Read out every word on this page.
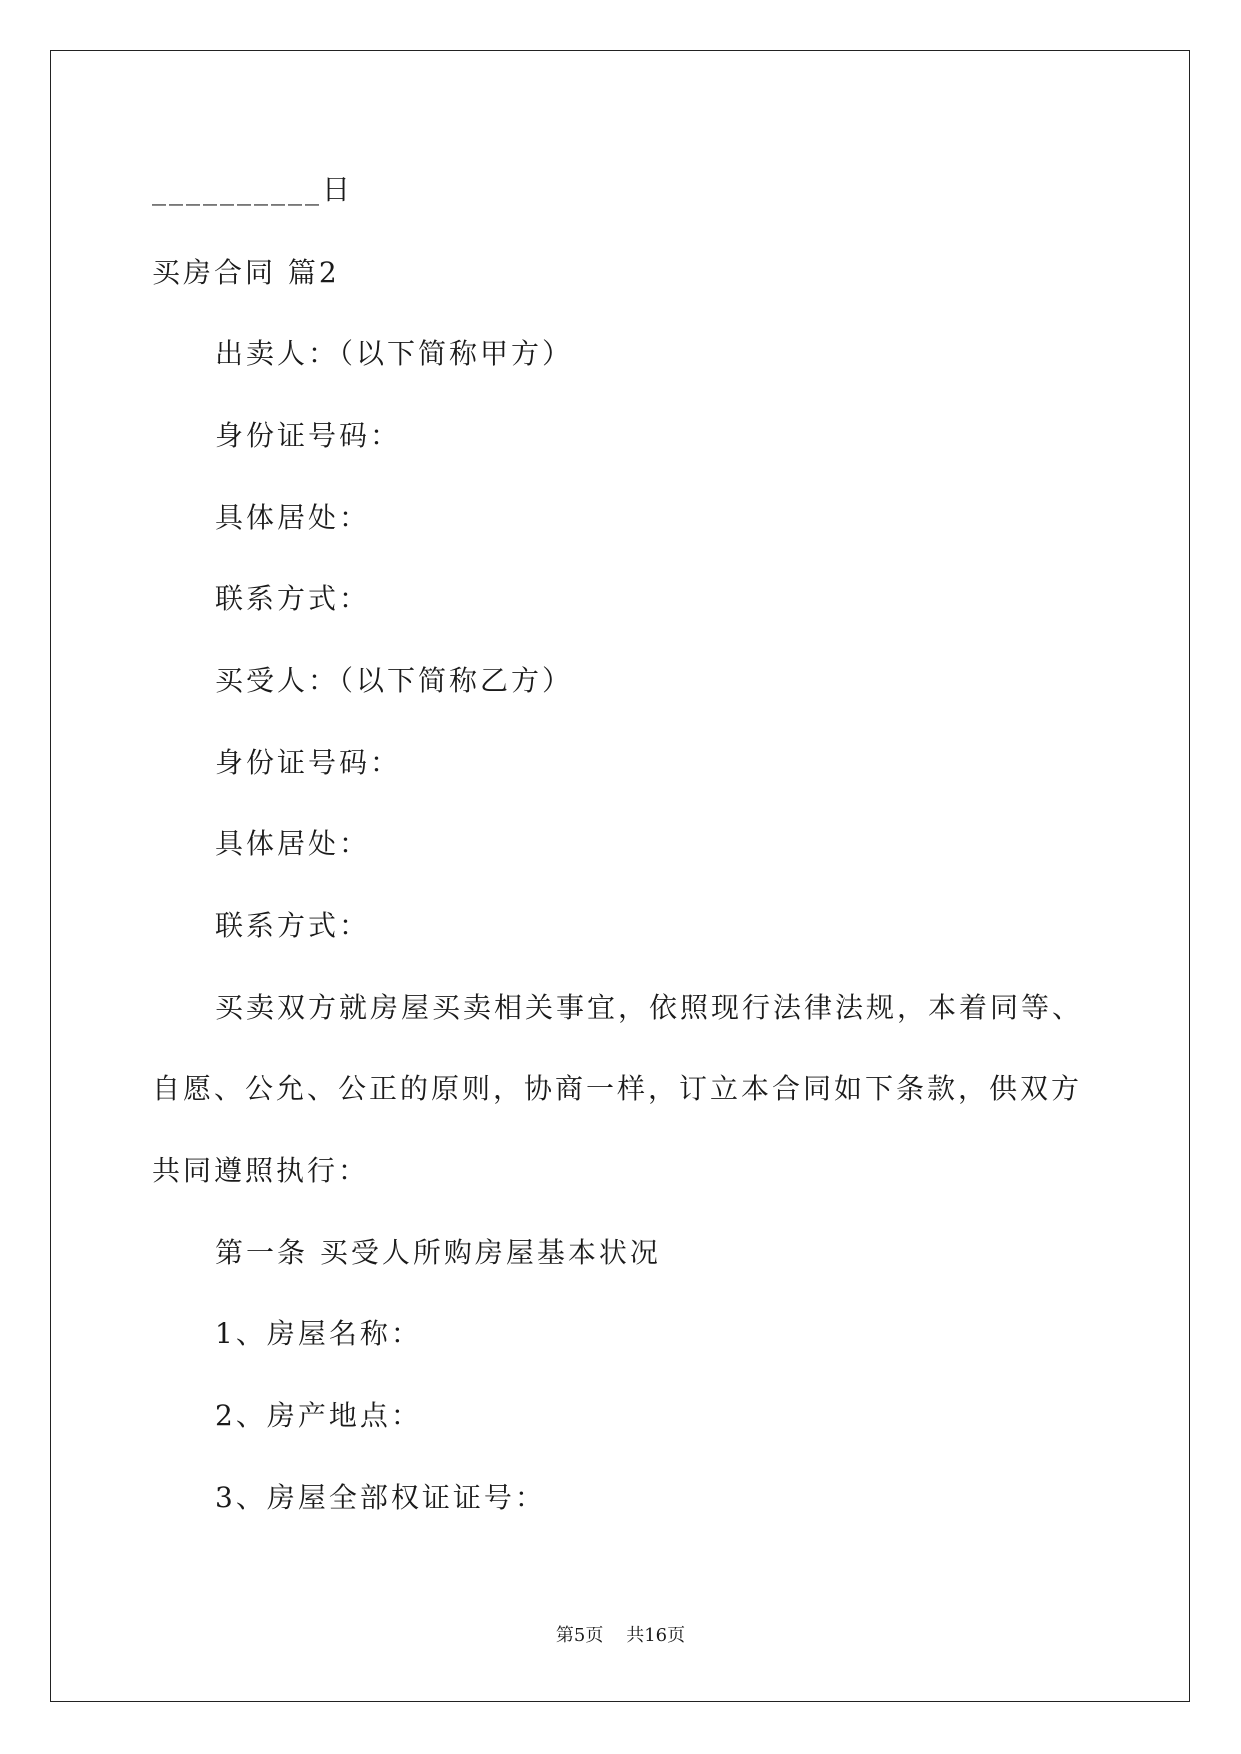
__________日
买房合同 篇2
出卖人：（以下简称甲方）
身份证号码：
具体居处：
联系方式：
买受人：（以下简称乙方）
身份证号码：
具体居处：
联系方式：
买卖双方就房屋买卖相关事宜，依照现行法律法规，本着同等、
自愿、公允、公正的原则，协商一样，订立本合同如下条款，供双方
共同遵照执行：
第一条 买受人所购房屋基本状况
1、房屋名称：
2、房产地点：
3、房屋全部权证证号：
第5页    共16页
